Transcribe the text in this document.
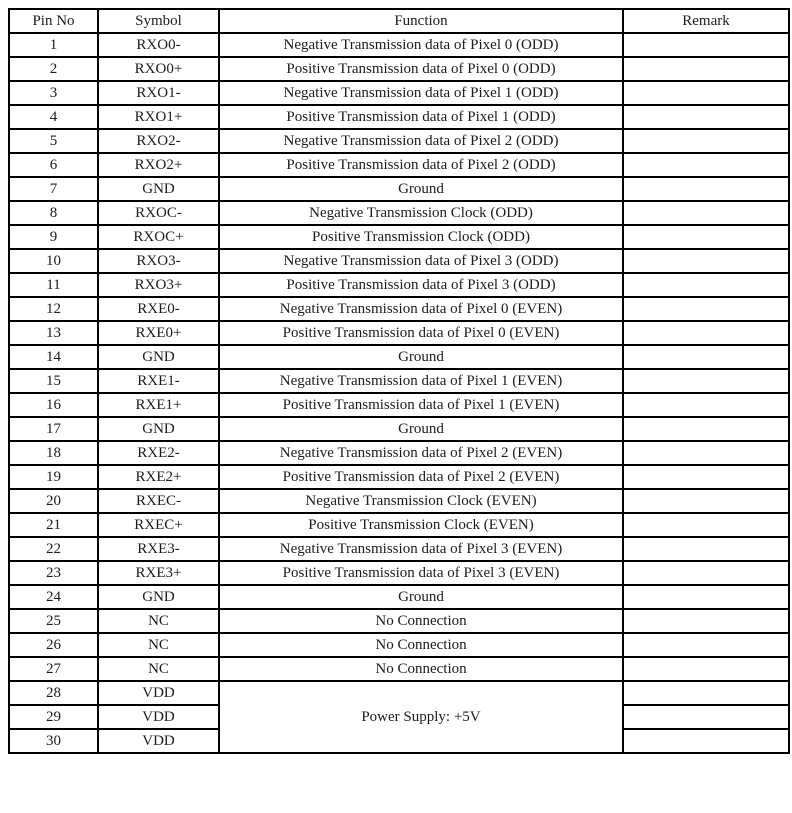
Pin No	Symbol	Function	Remark
1	RXO0-	Negative Transmission data of Pixel 0 (ODD)	
2	RXO0+	Positive Transmission data of Pixel 0 (ODD)	
3	RXO1-	Negative Transmission data of Pixel 1 (ODD)	
4	RXO1+	Positive Transmission data of Pixel 1 (ODD)	
5	RXO2-	Negative Transmission data of Pixel 2 (ODD)	
6	RXO2+	Positive Transmission data of Pixel 2 (ODD)	
7	GND	Ground	
8	RXOC-	Negative Transmission Clock (ODD)	
9	RXOC+	Positive Transmission Clock (ODD)	
10	RXO3-	Negative Transmission data of Pixel 3 (ODD)	
11	RXO3+	Positive Transmission data of Pixel 3 (ODD)	
12	RXE0-	Negative Transmission data of Pixel 0 (EVEN)	
13	RXE0+	Positive Transmission data of Pixel 0 (EVEN)	
14	GND	Ground	
15	RXE1-	Negative Transmission data of Pixel 1 (EVEN)	
16	RXE1+	Positive Transmission data of Pixel 1 (EVEN)	
17	GND	Ground	
18	RXE2-	Negative Transmission data of Pixel 2 (EVEN)	
19	RXE2+	Positive Transmission data of Pixel 2 (EVEN)	
20	RXEC-	Negative Transmission Clock (EVEN)	
21	RXEC+	Positive Transmission Clock (EVEN)	
22	RXE3-	Negative Transmission data of Pixel 3 (EVEN)	
23	RXE3+	Positive Transmission data of Pixel 3 (EVEN)	
24	GND	Ground	
25	NC	No Connection	
26	NC	No Connection	
27	NC	No Connection	
28	VDD	Power Supply: +5V	
29	VDD		
30	VDD		
